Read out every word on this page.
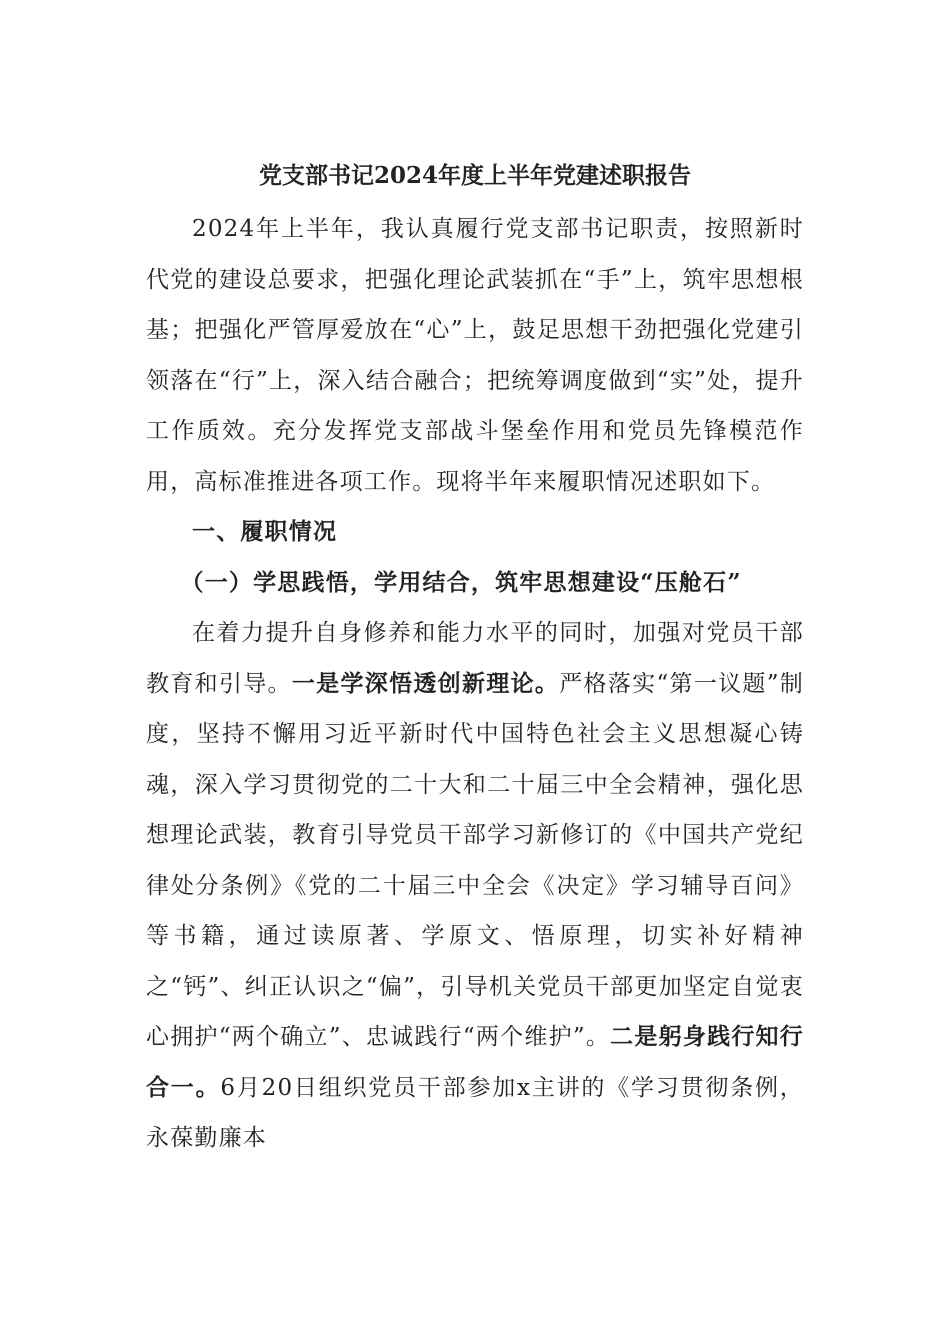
党支部书记2024年度上半年党建述职报告

2024年上半年，我认真履行党支部书记职责，按照新时代党的建设总要求，把强化理论武装抓在“手”上，筑牢思想根基；把强化严管厚爱放在“心”上，鼓足思想干劲把强化党建引领落在“行”上，深入结合融合；把统筹调度做到“实”处，提升工作质效。充分发挥党支部战斗堡垒作用和党员先锋模范作用，高标准推进各项工作。现将半年来履职情况述职如下。

一、履职情况

（一）学思践悟，学用结合，筑牢思想建设“压舱石”

在着力提升自身修养和能力水平的同时，加强对党员干部教育和引导。一是学深悟透创新理论。严格落实“第一议题”制度，坚持不懈用习近平新时代中国特色社会主义思想凝心铸魂，深入学习贯彻党的二十大和二十届三中全会精神，强化思想理论武装，教育引导党员干部学习新修订的《中国共产党纪律处分条例》《党的二十届三中全会《决定》学习辅导百问》等书籍，通过读原著、学原文、悟原理，切实补好精神之“钙”、纠正认识之“偏”，引导机关党员干部更加坚定自觉衷心拥护“两个确立”、忠诚践行“两个维护”。二是躬身践行知行合一。6月20日组织党员干部参加x主讲的《学习贯彻条例，永葆勤廉本
